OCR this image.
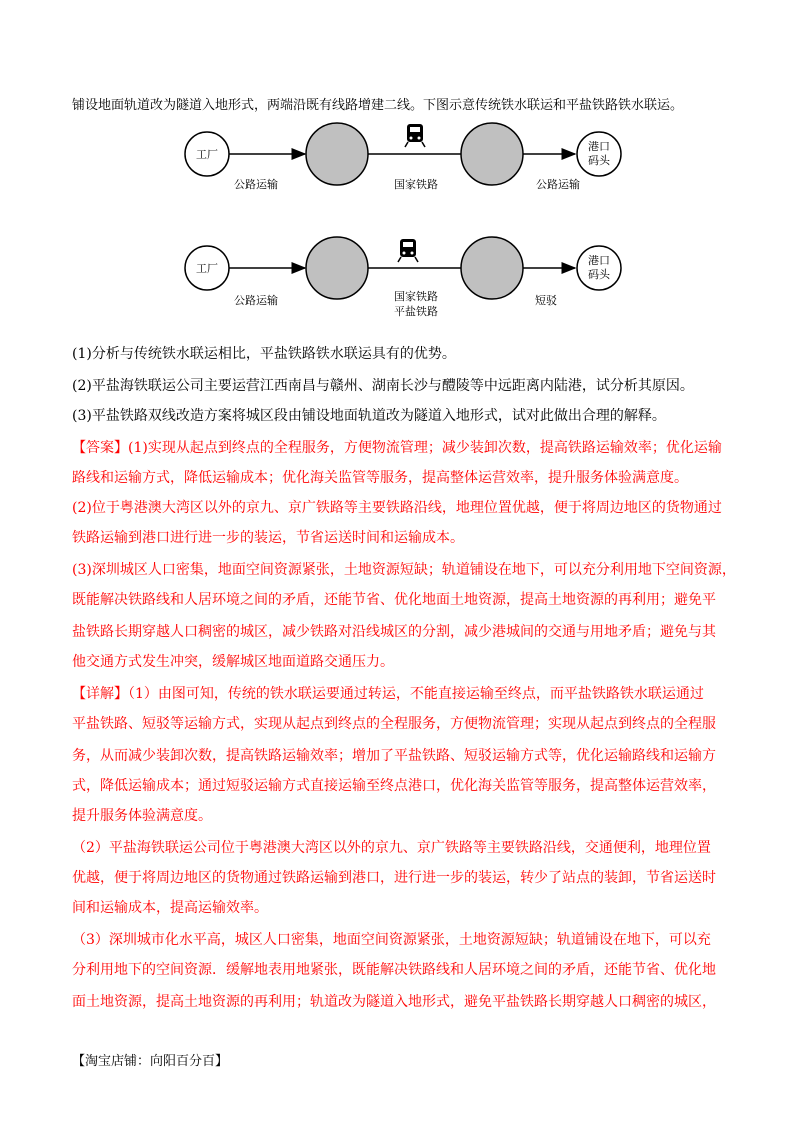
铺设地面轨道改为隧道入地形式，两端沿既有线路增建二线。下图示意传统铁水联运和平盐铁路铁水联运。
工厂
港口
码头
公路运输	国家铁路	公路运输
工厂
港口
码头
公路运输	国家铁路
平盐铁路
短驳
(1)分析与传统铁水联运相比，平盐铁路铁水联运具有的优势。
(2)平盐海铁联运公司主要运营江西南昌与赣州、湖南长沙与醴陵等中远距离内陆港，试分析其原因。
(3)平盐铁路双线改造方案将城区段由铺设地面轨道改为隧道入地形式，试对此做出合理的解释。
【答案】(1)实现从起点到终点的全程服务，方便物流管理；减少装卸次数，提高铁路运输效率；优化运输
路线和运输方式，降低运输成本；优化海关监管等服务，提高整体运营效率，提升服务体验满意度。
(2)位于粤港澳大湾区以外的京九、京广铁路等主要铁路沿线，地理位置优越，便于将周边地区的货物通过
铁路运输到港口进行进一步的装运，节省运送时间和运输成本。
(3)深圳城区人口密集，地面空间资源紧张，土地资源短缺；轨道铺设在地下，可以充分利用地下空间资源，
既能解决铁路线和人居环境之间的矛盾，还能节省、优化地面土地资源，提高土地资源的再利用；避免平
盐铁路长期穿越人口稠密的城区，减少铁路对沿线城区的分割，减少港城间的交通与用地矛盾；避免与其
他交通方式发生冲突，缓解城区地面道路交通压力。
【详解】（1）由图可知，传统的铁水联运要通过转运，不能直接运输至终点，而平盐铁路铁水联运通过
平盐铁路、短驳等运输方式，实现从起点到终点的全程服务，方便物流管理；实现从起点到终点的全程服
务，从而减少装卸次数，提高铁路运输效率；增加了平盐铁路、短驳运输方式等，优化运输路线和运输方
式，降低运输成本；通过短驳运输方式直接运输至终点港口，优化海关监管等服务，提高整体运营效率，
提升服务体验满意度。
（2）平盐海铁联运公司位于粤港澳大湾区以外的京九、京广铁路等主要铁路沿线，交通便利，地理位置
优越，便于将周边地区的货物通过铁路运输到港口，进行进一步的装运，转少了站点的装卸，节省运送时
间和运输成本，提高运输效率。
（3）深圳城市化水平高，城区人口密集，地面空间资源紧张，土地资源短缺；轨道铺设在地下，可以充
分利用地下的空间资源．缓解地表用地紧张，既能解决铁路线和人居环境之间的矛盾，还能节省、优化地
面土地资源，提高土地资源的再利用；轨道改为隧道入地形式，避免平盐铁路长期穿越人口稠密的城区，
【淘宝店铺：向阳百分百】
